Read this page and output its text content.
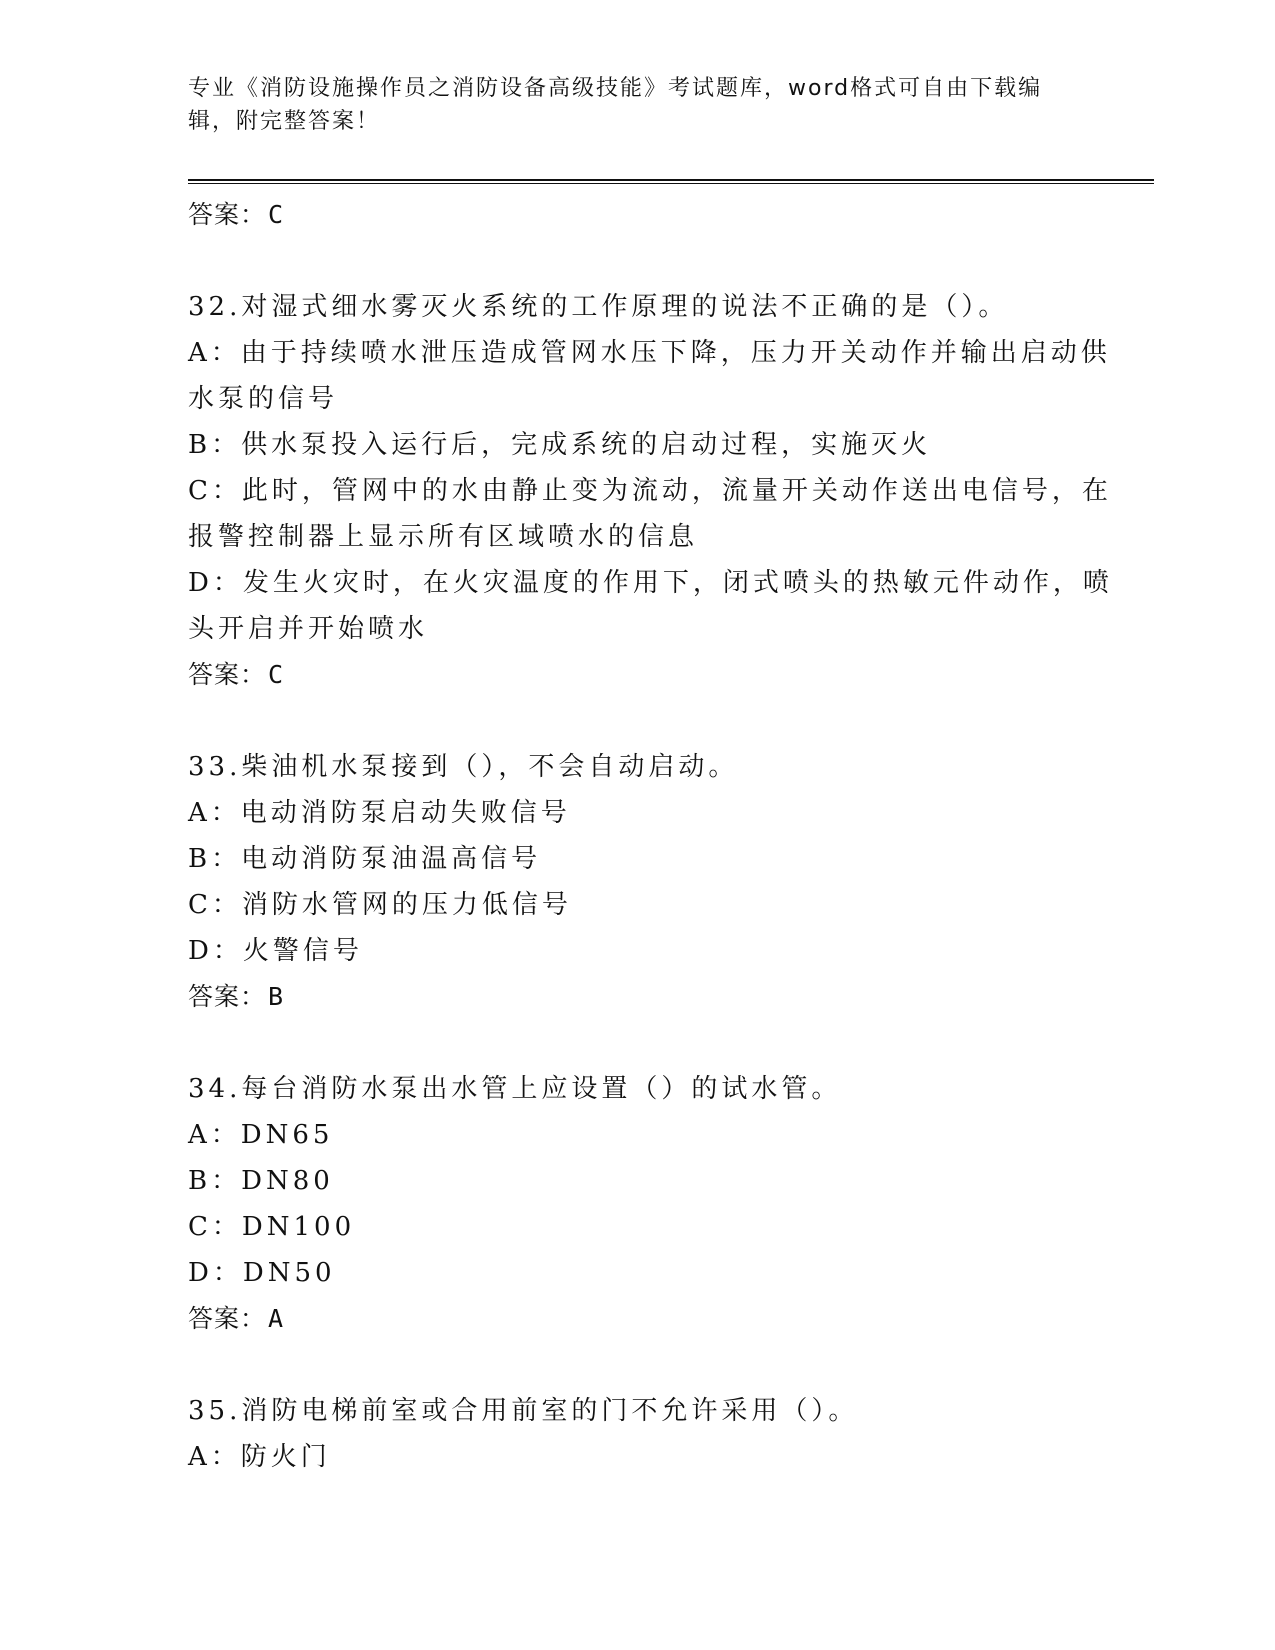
专业《消防设施操作员之消防设备高级技能》考试题库，word格式可自由下载编
辑，附完整答案！
答案：C
32.对湿式细水雾灭火系统的工作原理的说法不正确的是（）。
A：由于持续喷水泄压造成管网水压下降，压力开关动作并输出启动供
水泵的信号
B：供水泵投入运行后，完成系统的启动过程，实施灭火
C：此时，管网中的水由静止变为流动，流量开关动作送出电信号，在
报警控制器上显示所有区域喷水的信息
D：发生火灾时，在火灾温度的作用下，闭式喷头的热敏元件动作，喷
头开启并开始喷水
答案：C
33.柴油机水泵接到（），不会自动启动。
A：电动消防泵启动失败信号
B：电动消防泵油温高信号
C：消防水管网的压力低信号
D：火警信号
答案：B
34.每台消防水泵出水管上应设置（）的试水管。
A：DN65
B：DN80
C：DN100
D：DN50
答案：A
35.消防电梯前室或合用前室的门不允许采用（）。
A：防火门
